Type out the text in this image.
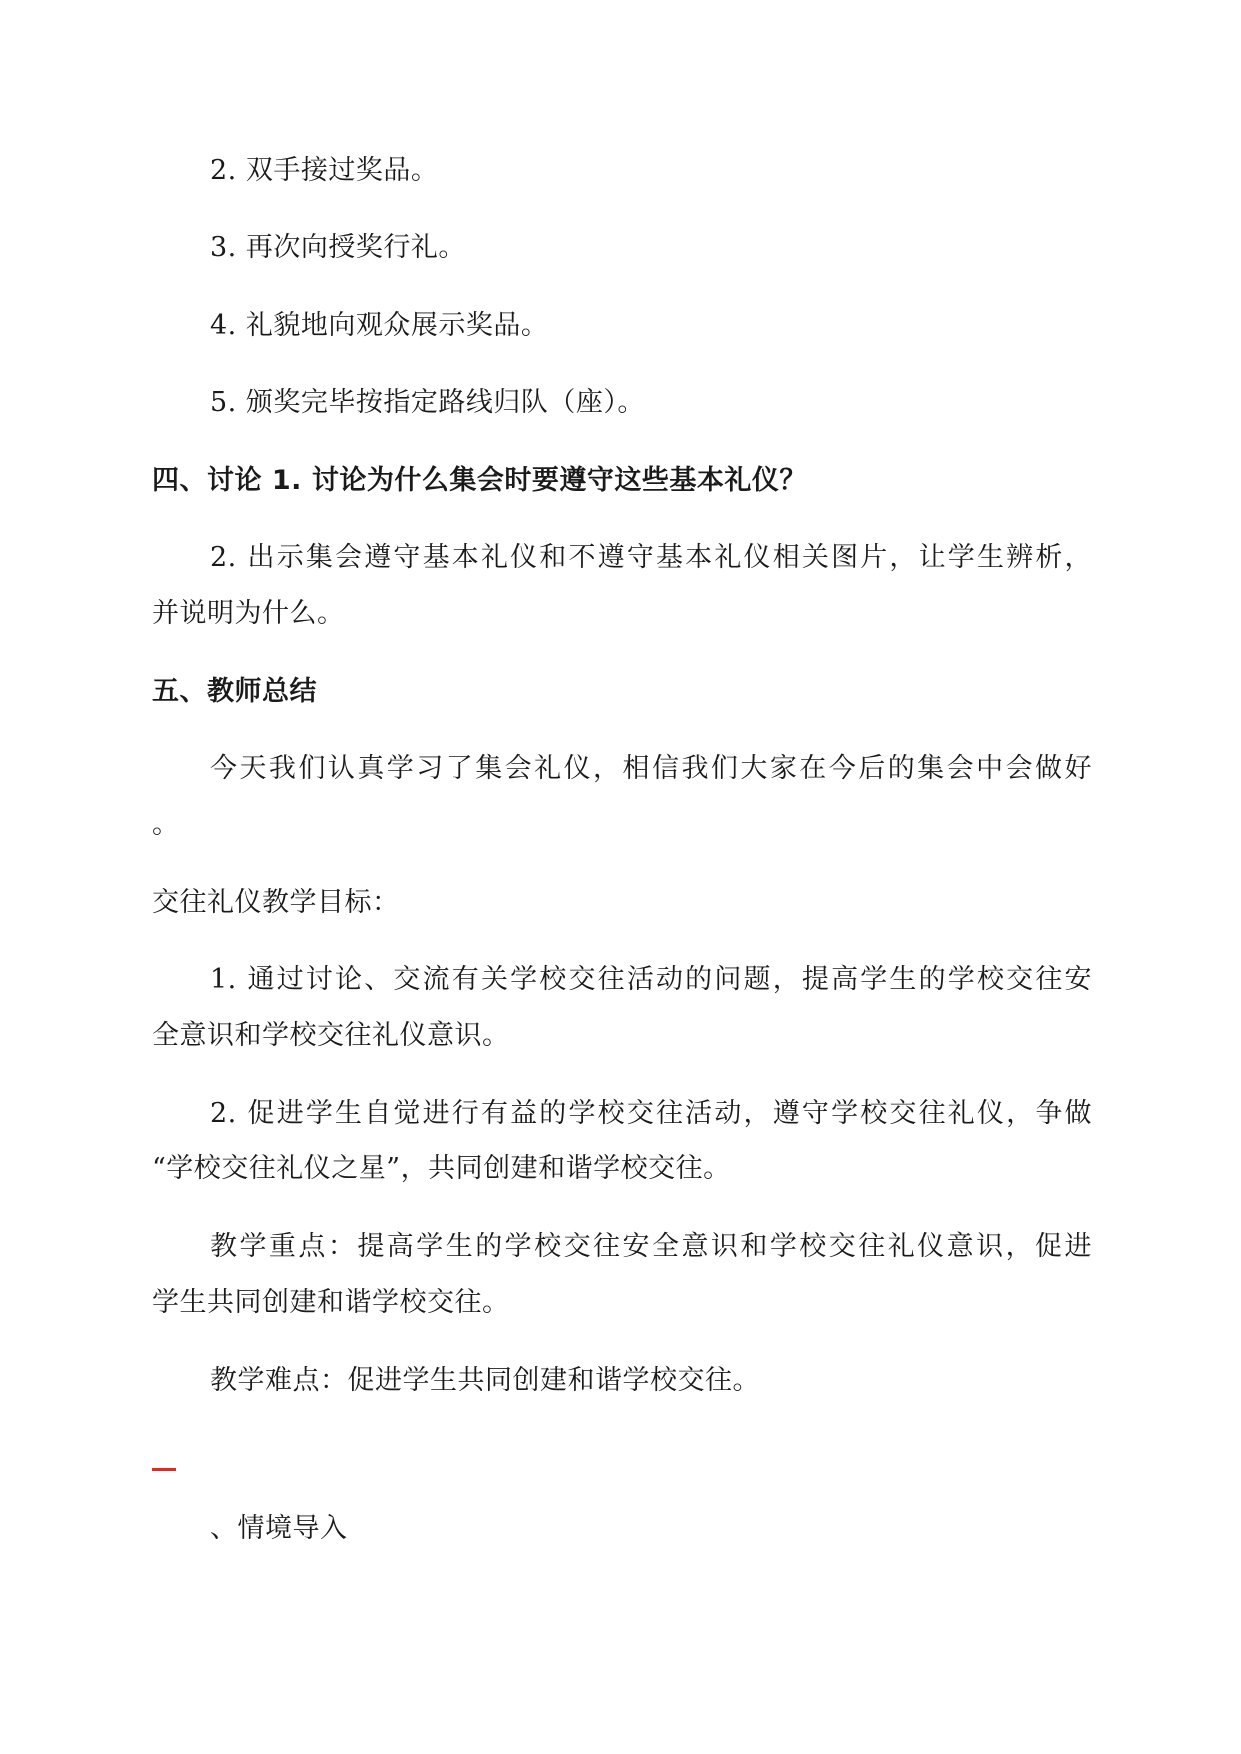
2. 双手接过奖品。
3. 再次向授奖行礼。
4. 礼貌地向观众展示奖品。
5. 颁奖完毕按指定路线归队（座）。
四、讨论 1. 讨论为什么集会时要遵守这些基本礼仪？
2. 出示集会遵守基本礼仪和不遵守基本礼仪相关图片，让学生辨析，
并说明为什么。
五、教师总结
今天我们认真学习了集会礼仪，相信我们大家在今后的集会中会做好
。
交往礼仪教学目标：
1. 通过讨论、交流有关学校交往活动的问题，提高学生的学校交往安
全意识和学校交往礼仪意识。
2. 促进学生自觉进行有益的学校交往活动，遵守学校交往礼仪，争做
“学校交往礼仪之星”，共同创建和谐学校交往。
教学重点：提高学生的学校交往安全意识和学校交往礼仪意识，促进
学生共同创建和谐学校交往。
教学难点：促进学生共同创建和谐学校交往。
、情境导入
